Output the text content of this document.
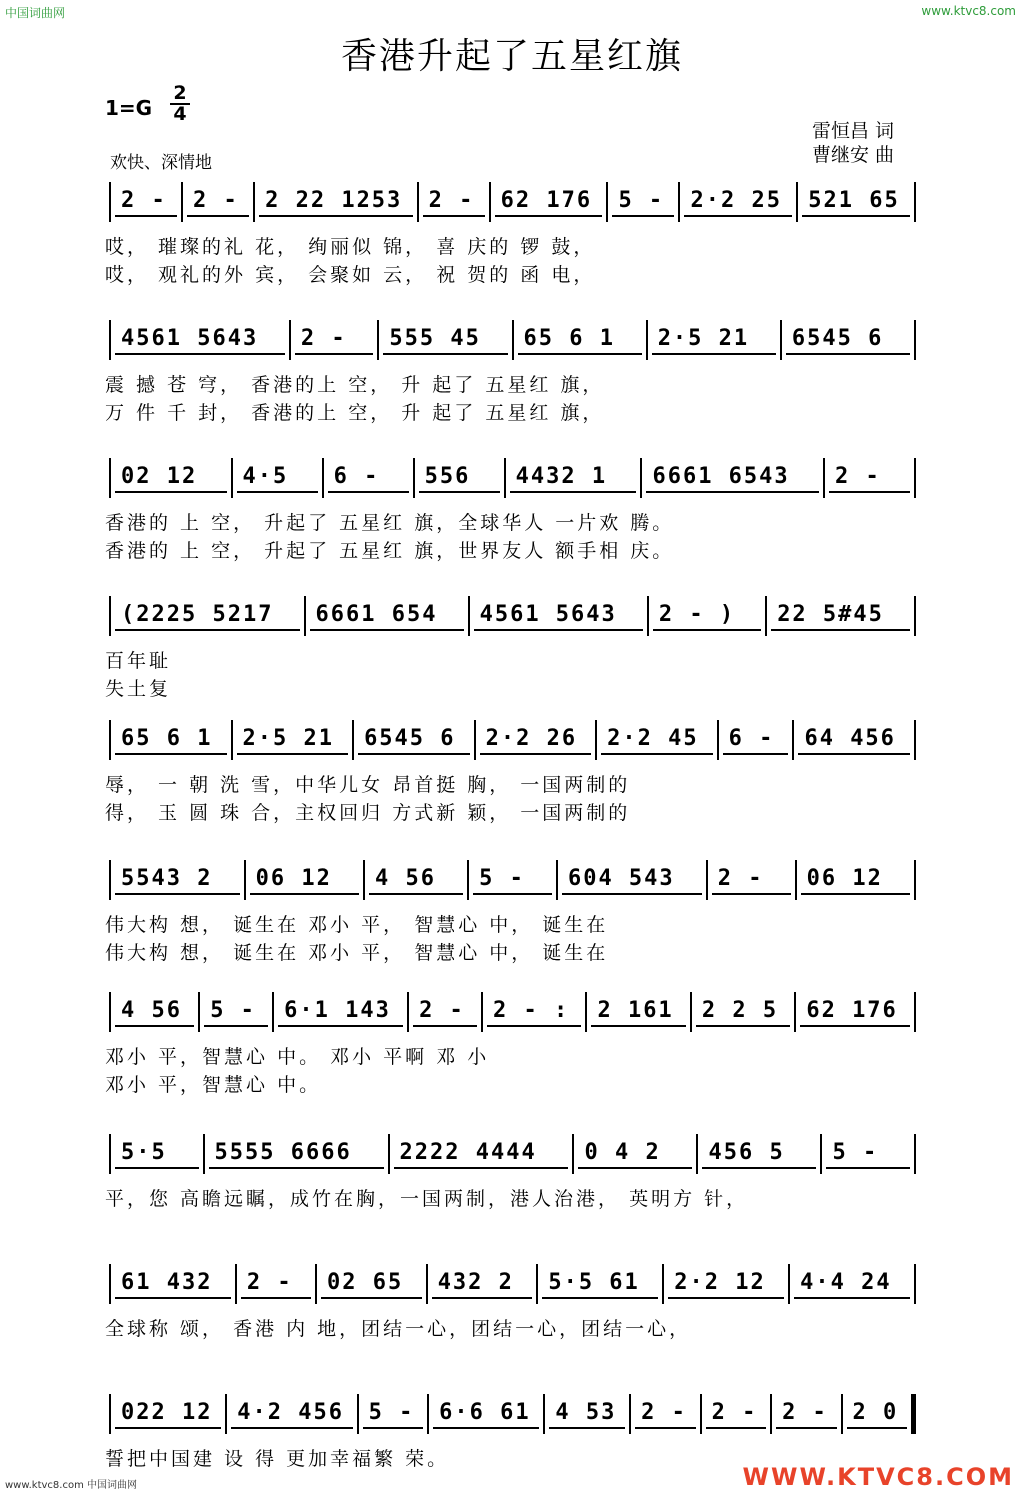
中国词曲网	www.ktvc8.com
香港升起了五星红旗
1=G
2
4
欢快、深情地
雷恒昌 词
曹继安 曲
2 -	2 -	2 22 1253	2 -	62 176	5 -	2·2 25	521 65
哎， 璀璨的礼 花， 绚丽似 锦， 喜 庆的 锣 鼓，
哎， 观礼的外 宾， 会聚如 云， 祝 贺的 函 电，
4561 5643	2 -	555 45	65 6 1	2·5 21	6545 6
震 撼 苍 穹， 香港的上 空， 升 起了 五星红 旗，
万 件 千 封， 香港的上 空， 升 起了 五星红 旗，
02 12	4·5	6 -	556	4432 1	6661 6543	2 -
香港的 上 空， 升起了 五星红 旗，全球华人 一片欢 腾。
香港的 上 空， 升起了 五星红 旗，世界友人 额手相 庆。
(2225 5217	6661 654	4561 5643	2 - )	22 5#45
百年耻
失土复
65 6 1	2·5 21	6545 6	2·2 26	2·2 45	6 -	64 456
辱， 一 朝 洗 雪，中华儿女 昂首挺 胸， 一国两制的
得， 玉 圆 珠 合，主权回归 方式新 颖， 一国两制的
5543 2	06 12	4 56	5 -	604 543	2 -	06 12
伟大构 想， 诞生在 邓小 平， 智慧心 中， 诞生在
伟大构 想， 诞生在 邓小 平， 智慧心 中， 诞生在
4 56	5 -	6·1 143	2 -	2 - :	2 161	2 2 5	62 176
邓小 平，智慧心 中。 邓小 平啊 邓 小
邓小 平，智慧心 中。
5·5	5555 6666	2222 4444	0 4 2	456 5	5 -
平，您 高瞻远瞩，成竹在胸，一国两制，港人治港， 英明方 针，
61 432	2 -	02 65	432 2	5·5 61	2·2 12	4·4 24
全球称 颂， 香港 内 地，团结一心，团结一心，团结一心，
022 12	4·2 456	5 -	6·6 61	4 53	2 -	2 -	2 -	2 0
誓把中国建 设 得 更加幸福繁 荣。
www.ktvc8.com 中国词曲网	WWW.KTVC8.COM
